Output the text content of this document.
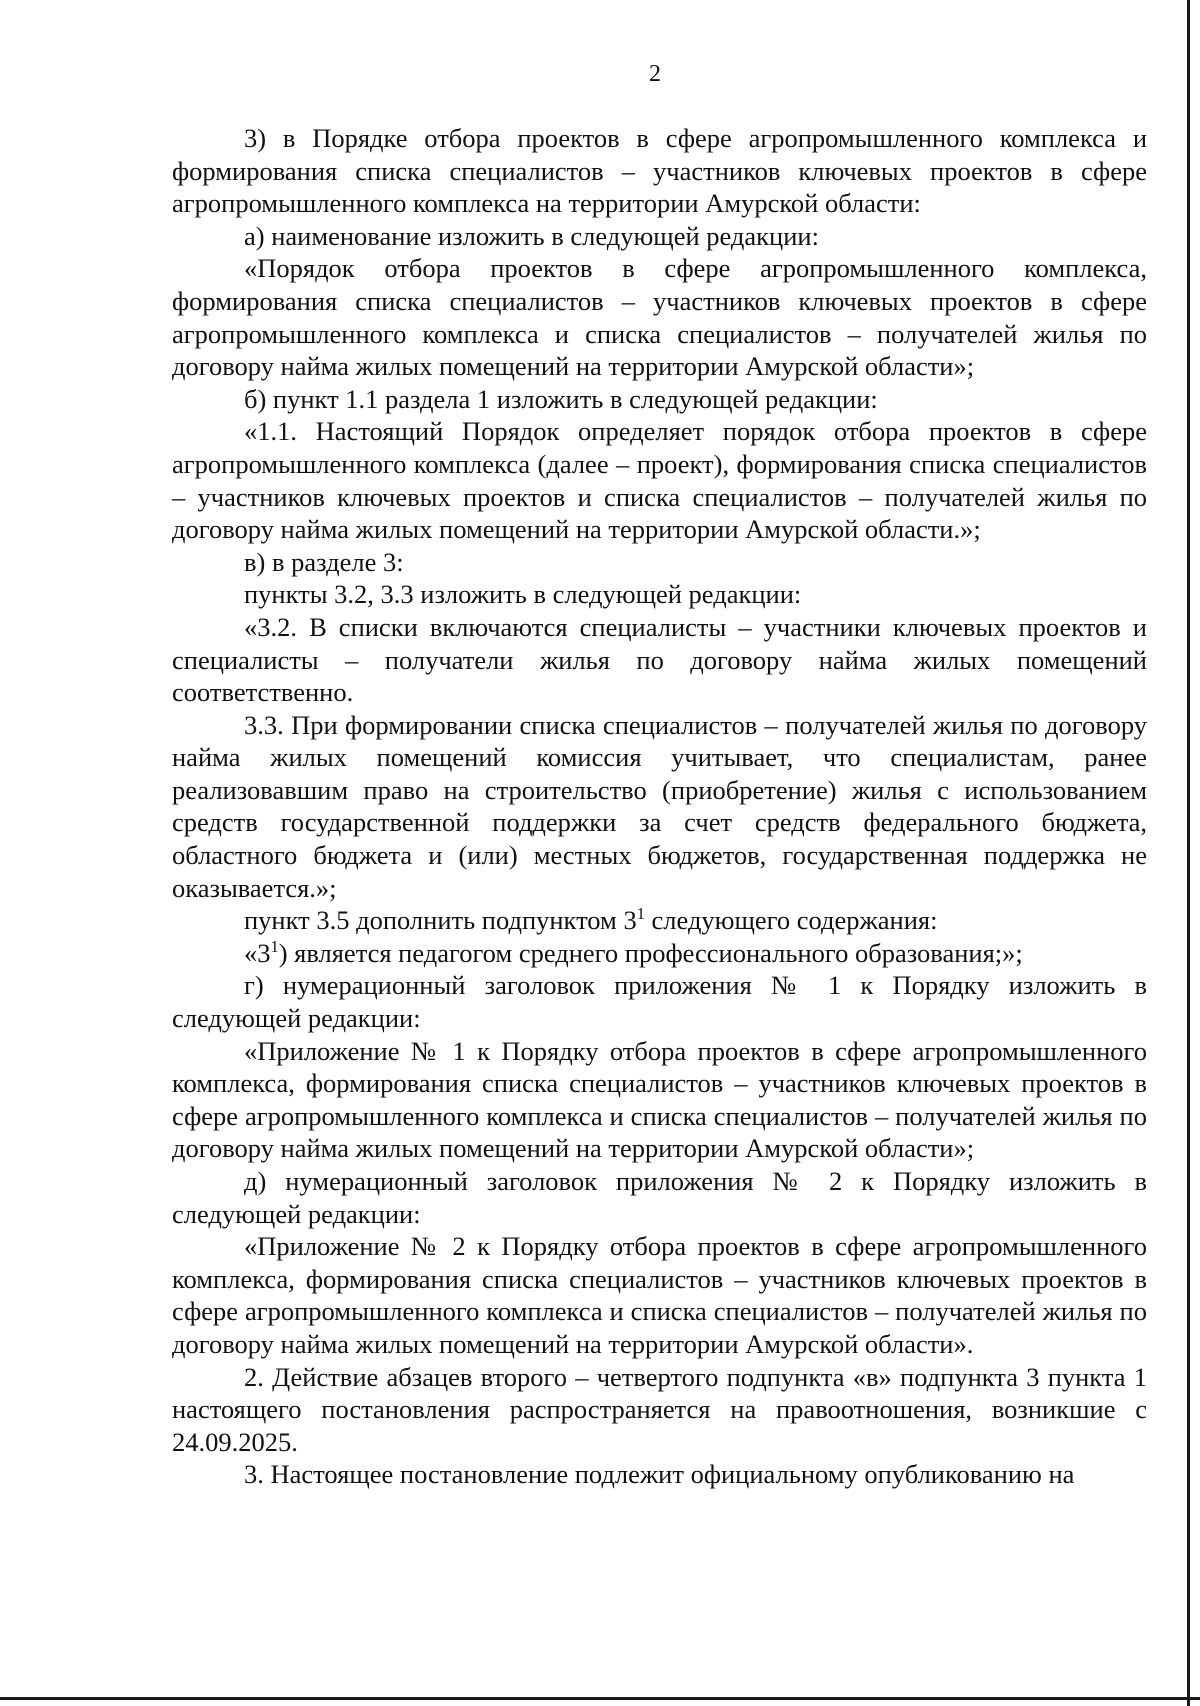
2

3) в Порядке отбора проектов в сфере агропромышленного комплекса и формирования списка специалистов – участников ключевых проектов в сфере агропромышленного комплекса на территории Амурской области:

а) наименование изложить в следующей редакции:

«Порядок отбора проектов в сфере агропромышленного комплекса, формирования списка специалистов – участников ключевых проектов в сфере агропромышленного комплекса и списка специалистов – получателей жилья по договору найма жилых помещений на территории Амурской области»;

б) пункт 1.1 раздела 1 изложить в следующей редакции:

«1.1. Настоящий Порядок определяет порядок отбора проектов в сфере агропромышленного комплекса (далее – проект), формирования списка специалистов – участников ключевых проектов и списка специалистов – получателей жилья по договору найма жилых помещений на территории Амурской области.»;

в) в разделе 3:

пункты 3.2, 3.3 изложить в следующей редакции:

«3.2. В списки включаются специалисты – участники ключевых проектов и специалисты – получатели жилья по договору найма жилых помещений соответственно.

3.3. При формировании списка специалистов – получателей жилья по договору найма жилых помещений комиссия учитывает, что специалистам, ранее реализовавшим право на строительство (приобретение) жилья с использованием средств государственной поддержки за счет средств федерального бюджета, областного бюджета и (или) местных бюджетов, государственная поддержка не оказывается.»;

пункт 3.5 дополнить подпунктом $3^1$ следующего содержания:

«$3^1$) является педагогом среднего профессионального образования;»;

г) нумерационный заголовок приложения № 1 к Порядку изложить в следующей редакции:

«Приложение № 1 к Порядку отбора проектов в сфере агропромышленного комплекса, формирования списка специалистов – участников ключевых проектов в сфере агропромышленного комплекса и списка специалистов – получателей жилья по договору найма жилых помещений на территории Амурской области»;

д) нумерационный заголовок приложения № 2 к Порядку изложить в следующей редакции:

«Приложение № 2 к Порядку отбора проектов в сфере агропромышленного комплекса, формирования списка специалистов – участников ключевых проектов в сфере агропромышленного комплекса и списка специалистов – получателей жилья по договору найма жилых помещений на территории Амурской области».

2. Действие абзацев второго – четвертого подпункта «в» подпункта 3 пункта 1 настоящего постановления распространяется на правоотношения, возникшие с 24.09.2025.

3. Настоящее постановление подлежит официальному опубликованию на
